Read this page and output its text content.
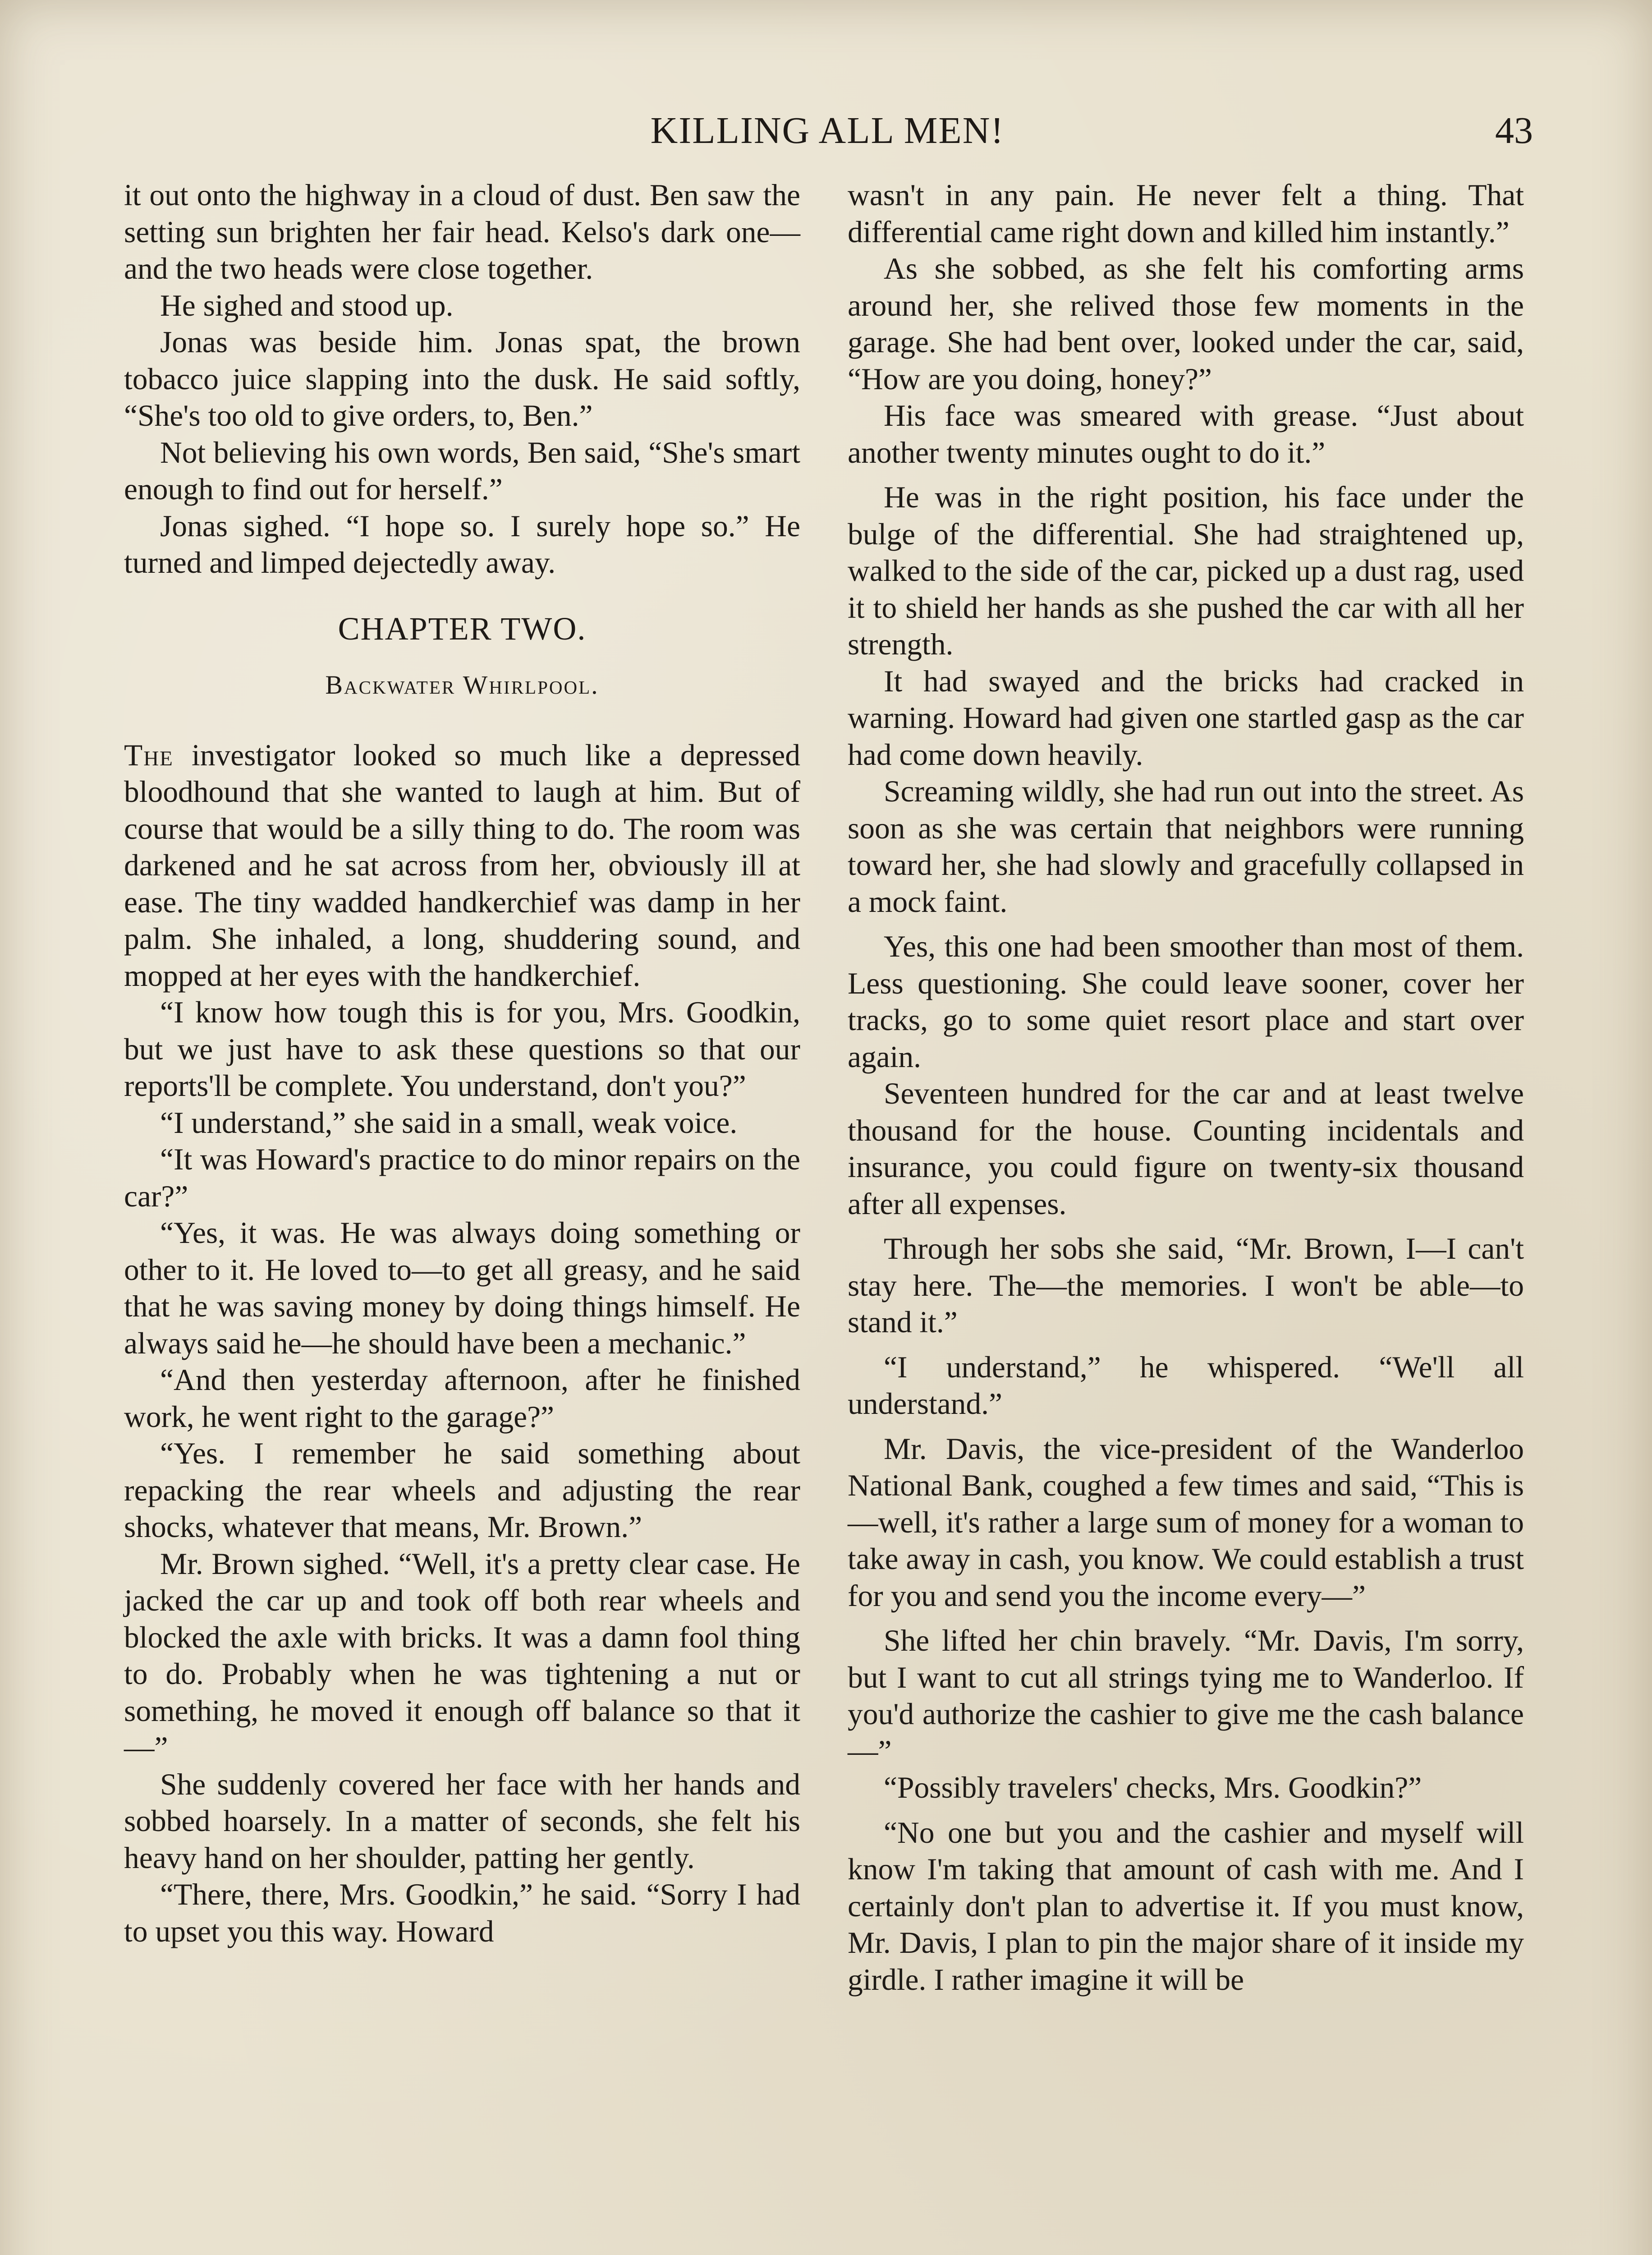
KILLING ALL MEN!	43

it out onto the highway in a cloud of dust. Ben saw the setting sun brighten her fair head. Kelso's dark one—and the two heads were close together.

He sighed and stood up.

Jonas was beside him. Jonas spat, the brown tobacco juice slapping into the dusk. He said softly, “She's too old to give orders, to, Ben.”

Not believing his own words, Ben said, “She's smart enough to find out for herself.”

Jonas sighed. “I hope so. I surely hope so.” He turned and limped dejectedly away.

CHAPTER TWO.
Backwater Whirlpool.

The investigator looked so much like a depressed bloodhound that she wanted to laugh at him. But of course that would be a silly thing to do. The room was darkened and he sat across from her, obviously ill at ease. The tiny wadded handkerchief was damp in her palm. She inhaled, a long, shuddering sound, and mopped at her eyes with the handkerchief.

“I know how tough this is for you, Mrs. Goodkin, but we just have to ask these questions so that our reports'll be complete. You understand, don't you?”

“I understand,” she said in a small, weak voice.

“It was Howard's practice to do minor repairs on the car?”

“Yes, it was. He was always doing something or other to it. He loved to—to get all greasy, and he said that he was saving money by doing things himself. He always said he—he should have been a mechanic.”

“And then yesterday afternoon, after he finished work, he went right to the garage?”

“Yes. I remember he said something about repacking the rear wheels and adjusting the rear shocks, whatever that means, Mr. Brown.”

Mr. Brown sighed. “Well, it's a pretty clear case. He jacked the car up and took off both rear wheels and blocked the axle with bricks. It was a damn fool thing to do. Probably when he was tightening a nut or something, he moved it enough off balance so that it—”

She suddenly covered her face with her hands and sobbed hoarsely. In a matter of seconds, she felt his heavy hand on her shoulder, patting her gently.

“There, there, Mrs. Goodkin,” he said. “Sorry I had to upset you this way. Howard

wasn't in any pain. He never felt a thing. That differential came right down and killed him instantly.”

As she sobbed, as she felt his comforting arms around her, she relived those few moments in the garage. She had bent over, looked under the car, said, “How are you doing, honey?”

His face was smeared with grease. “Just about another twenty minutes ought to do it.”

He was in the right position, his face under the bulge of the differential. She had straightened up, walked to the side of the car, picked up a dust rag, used it to shield her hands as she pushed the car with all her strength.

It had swayed and the bricks had cracked in warning. Howard had given one startled gasp as the car had come down heavily.

Screaming wildly, she had run out into the street. As soon as she was certain that neighbors were running toward her, she had slowly and gracefully collapsed in a mock faint.

Yes, this one had been smoother than most of them. Less questioning. She could leave sooner, cover her tracks, go to some quiet resort place and start over again.

Seventeen hundred for the car and at least twelve thousand for the house. Counting incidentals and insurance, you could figure on twenty-six thousand after all expenses.

Through her sobs she said, “Mr. Brown, I—I can't stay here. The—the memories. I won't be able—to stand it.”

“I understand,” he whispered. “We'll all understand.”

Mr. Davis, the vice-president of the Wanderloo National Bank, coughed a few times and said, “This is—well, it's rather a large sum of money for a woman to take away in cash, you know. We could establish a trust for you and send you the income every—”

She lifted her chin bravely. “Mr. Davis, I'm sorry, but I want to cut all strings tying me to Wanderloo. If you'd authorize the cashier to give me the cash balance—”

“Possibly travelers' checks, Mrs. Goodkin?”

“No one but you and the cashier and myself will know I'm taking that amount of cash with me. And I certainly don't plan to advertise it. If you must know, Mr. Davis, I plan to pin the major share of it inside my girdle. I rather imagine it will be
